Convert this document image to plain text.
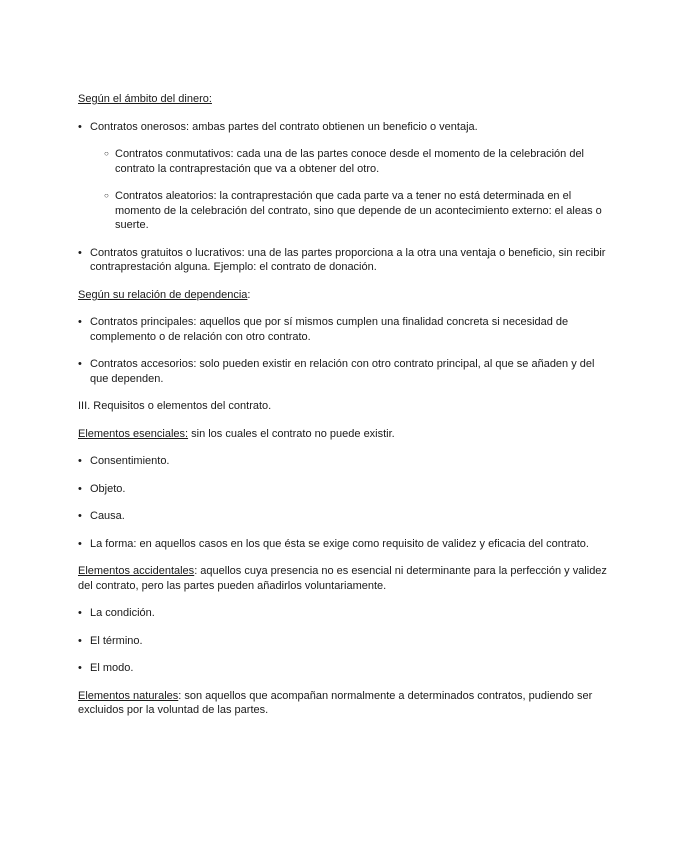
Según el ámbito del dinero:

• Contratos onerosos: ambas partes del contrato obtienen un beneficio o ventaja.
○ Contratos conmutativos: cada una de las partes conoce desde el momento de la celebración del contrato la contraprestación que va a obtener del otro.
○ Contratos aleatorios: la contraprestación que cada parte va a tener no está determinada en el momento de la celebración del contrato, sino que depende de un acontecimiento externo: el aleas o suerte.
• Contratos gratuitos o lucrativos: una de las partes proporciona a la otra una ventaja o beneficio, sin recibir contraprestación alguna. Ejemplo: el contrato de donación.

Según su relación de dependencia:

• Contratos principales: aquellos que por sí mismos cumplen una finalidad concreta si necesidad de complemento o de relación con otro contrato.
• Contratos accesorios: solo pueden existir en relación con otro contrato principal, al que se añaden y del que dependen.

III. Requisitos o elementos del contrato.

Elementos esenciales: sin los cuales el contrato no puede existir.

• Consentimiento.
• Objeto.
• Causa.
• La forma: en aquellos casos en los que ésta se exige como requisito de validez y eficacia del contrato.

Elementos accidentales: aquellos cuya presencia no es esencial ni determinante para la perfección y validez del contrato, pero las partes pueden añadirlos voluntariamente.

• La condición.
• El término.
• El modo.

Elementos naturales: son aquellos que acompañan normalmente a determinados contratos, pudiendo ser excluidos por la voluntad de las partes.
